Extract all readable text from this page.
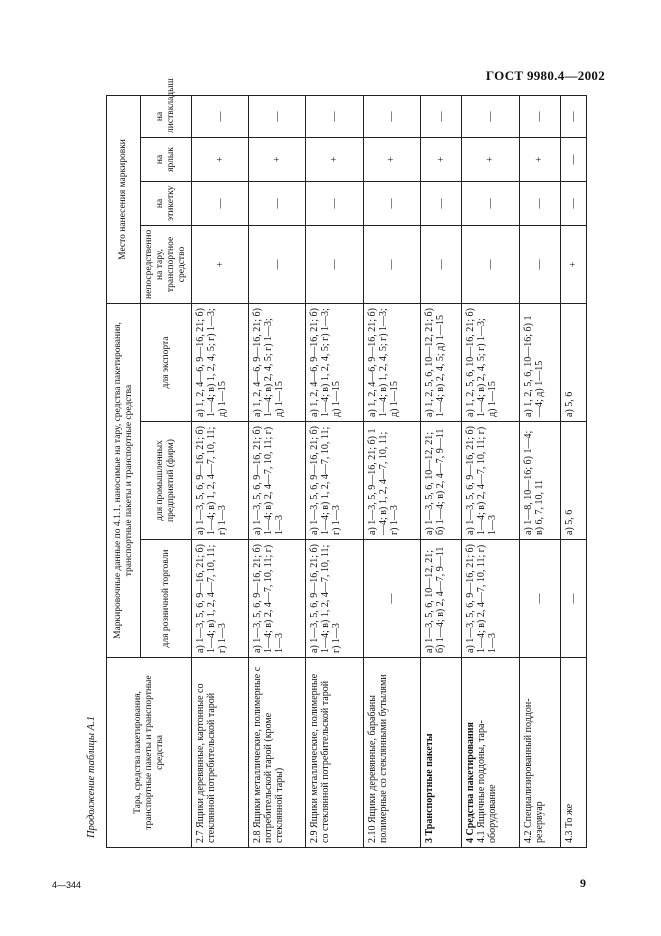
ГОСТ 9980.4—2002
Продолжение таблицы А.1	Тара, средства пакетирования, транспортные пакеты и транспортные средства	Маркировочные данные по 4.1.1, наносимые на тару, средства пакетирования, транспортные пакеты и транспортные средства			Место нанесения маркировки			
	для розничной торговли	для промышленных предприятий (фирм)	для экспорта	непосредственно на тару, транспортное средство	на этикетку	на ярлык	на листвкладыш
2.7 Ящики деревянные, картонные со стеклянной потребительской тарой	а) 1—3, 5, 6, 9—16, 21; б) 1—4; в) 1, 2, 4—7, 10, 11; г) 1—3	а) 1—3, 5, 6, 9—16, 21; б) 1—4; в) 1, 2, 4—7, 10, 11; г) 1—3	а) 1, 2, 4—6, 9—16, 21; б) 1—4; в) 1, 2, 4, 5; г) 1—3; д) 1—15	+	—	+	—
2.8 Ящики металлические, полимерные с потребительской тарой (кроме стеклянной тары)	а) 1—3, 5, 6, 9—16, 21; б) 1—4; в) 2, 4—7, 10, 11; г) 1—3	а) 1—3, 5, 6, 9—16, 21; б) 1—4; в) 2, 4—7, 10, 11; г) 1—3	а) 1, 2, 4—6, 9—16, 21; б) 1—4; в) 2, 4, 5; г) 1—3; д) 1—15	—	—	+	—
2.9 Ящики металлические, полимерные со стеклянной потребительской тарой	а) 1—3, 5, 6, 9—16, 21; б) 1—4; в) 1, 2, 4—7, 10, 11; г) 1—3	а) 1—3, 5, 6, 9—16, 21; б) 1—4; в) 1, 2, 4—7, 10, 11; г) 1—3	а) 1, 2, 4—6, 9—16, 21; б) 1—4; в) 1, 2, 4, 5; г) 1—3; д) 1—15	—	—	+	—
2.10 Ящики деревянные, барабаны полимерные со стеклянными бутылями	—	а) 1—3, 5, 9—16, 21; б) 1—4; в) 1, 2, 4—7, 10, 11; г) 1—3	а) 1, 2, 4—6, 9—16, 21; б) 1—4; в) 1, 2, 4, 5; г) 1—3; д) 1—15	—	—	+	—
3 Транспортные пакеты	а) 1—3, 5, 6, 10—12, 21; б) 1—4; в) 2, 4—7, 9—11	а) 1—3, 5, 6, 10—12, 21; б) 1—4; в) 2, 4—7, 9—11	а) 1, 2, 5, 6, 10—12, 21; б) 1—4; в) 2, 4, 5; д) 1—15	—	—	+	—

4 Средства пакетирования 4.1 Ящичные поддоны, тара-оборудование	а) 1—3, 5, 6, 9—16, 21; б) 1—4; в) 2, 4—7, 10, 11; г) 1—3	а) 1—3, 5, 6, 9—16, 21; б) 1—4; в) 2, 4—7, 10, 11; г) 1—3	а) 1, 2, 5, 6, 10—16, 21; б) 1—4; в) 2, 4, 5; г) 1—3; д) 1—15	—	—	+	—
4.2 Специализированный поддон-резервуар	—	а) 1—8, 10—16; б) 1—4; в) 6, 7, 10, 11	а) 1, 2, 5, 6, 10—16; б) 1—4; д) 1—15	—	—	+	—
4.3 То же	—	а) 5, 6	а) 5, 6	+	—	—	—
4—344	9
